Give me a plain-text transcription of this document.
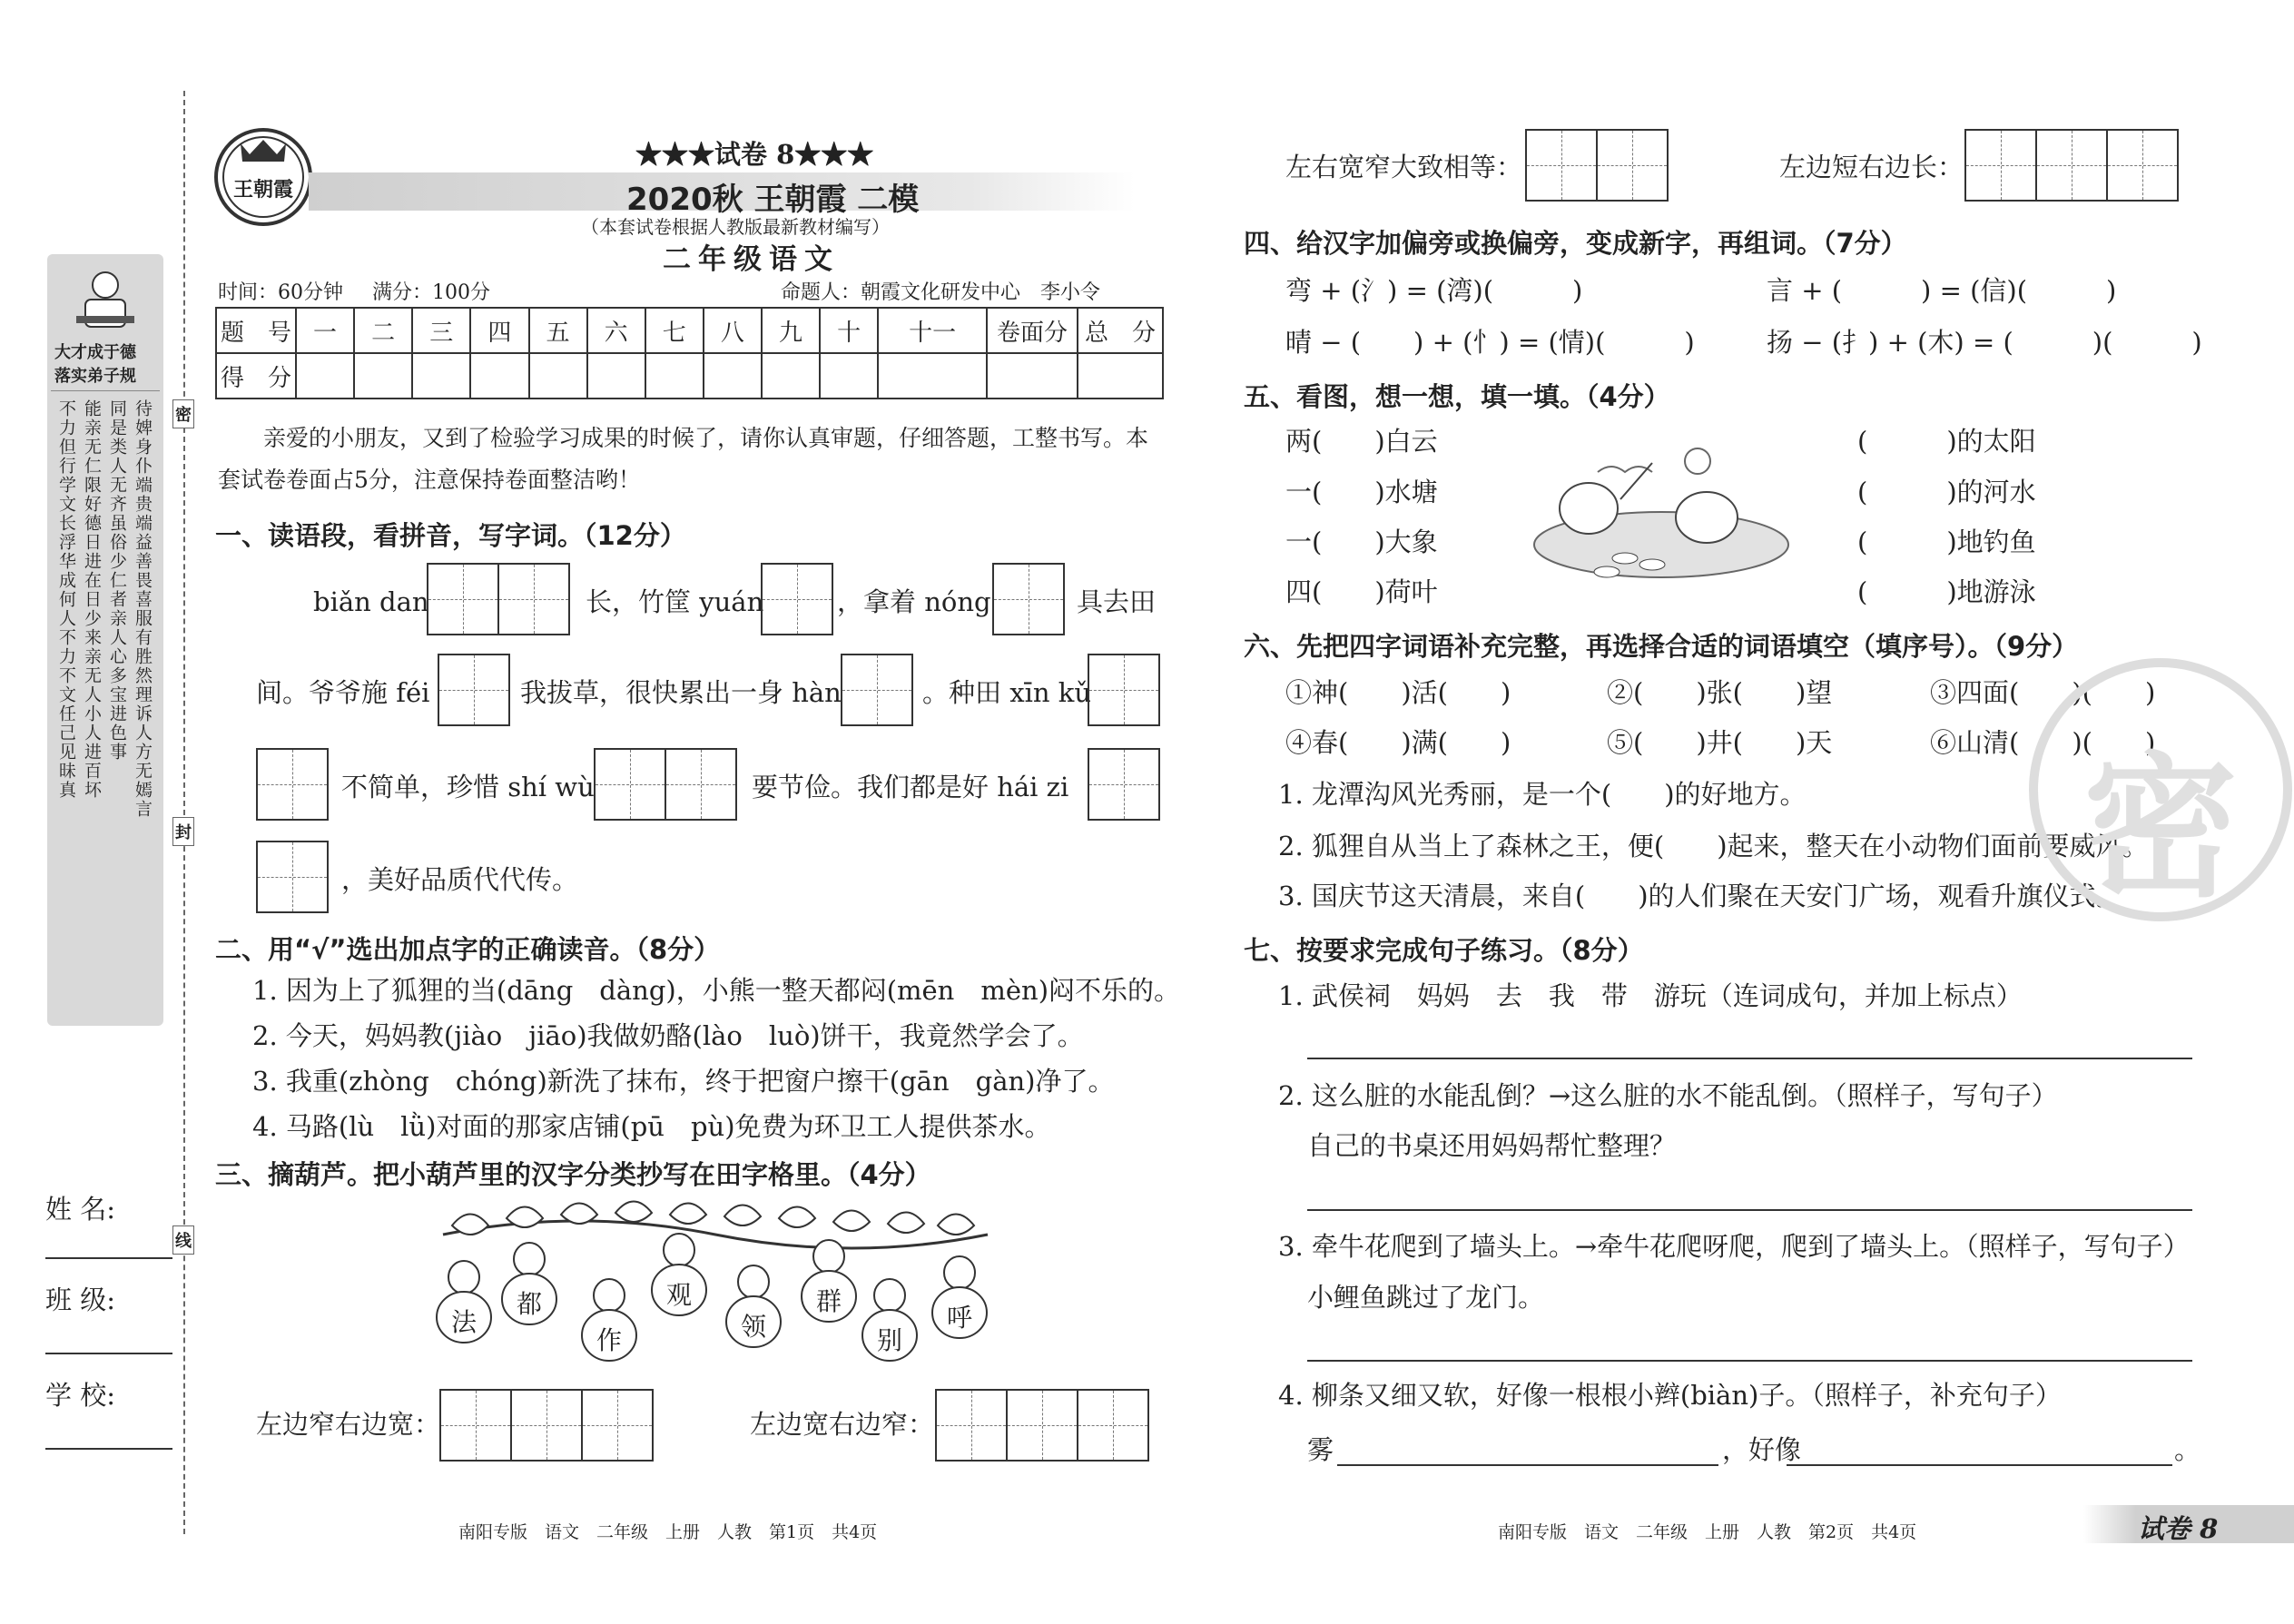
大才成于德
落实弟子规
不力但行学文长浮华成何人不力不文任己见昧真 能亲无仁限好德日进在日少来亲无人小人进百坏 同是类人无齐虽俗少仁者亲人心多宝进色事 待婢身仆端贵端益善畏喜服有胜然理诉人方无嫣言 密
封
线
姓 名:
班 级:
学 校:
王朝霞
★★★试卷 8★★★
2020秋 王朝霞 二模
（本套试卷根据人教版最新教材编写）
二年级语文
时间：60分钟 满分：100分	命题人：朝霞文化研发中心　李小令
题　号	一	二	三	四	五	六	七	八	九	十	十一	卷面分	总　分
得　分													
亲爱的小朋友，又到了检验学习成果的时候了，请你认真审题，仔细答题，工整书写。本套试卷卷面占5分，注意保持卷面整洁哟！
一、读语段，看拼音，写字词。（12分）
biǎn dan	长，竹筐 yuán	，拿着 nóng	具去田
间。爷爷施 féi	我拔草，很快累出一身 hàn	。种田 xīn kǔ
不简单，珍惜 shí wù	要节俭。我们都是好 hái zi
，美好品质代代传。
二、用“√”选出加点字的正确读音。（8分）
1. 因为上了狐狸的当(dāng　dàng)，小熊一整天都闷(mēn　mèn)闷不乐的。
2. 今天，妈妈教(jiào　jiāo)我做奶酪(lào　luò)饼干，我竟然学会了。
3. 我重(zhòng　chóng)新洗了抹布，终于把窗户擦干(gān　gàn)净了。
4. 马路(lù　lǜ)对面的那家店铺(pū　pù)免费为环卫工人提供茶水。
三、摘葫芦。把小葫芦里的汉字分类抄写在田字格里。（4分）
法
都
作
观
领
群
别
呼
左边窄右边宽：	左边宽右边窄：
南阳专版　语文　二年级　上册　人教　第1页　共4页
左右宽窄大致相等：	左边短右边长：
四、给汉字加偏旁或换偏旁，变成新字，再组词。（7分）
弯 + (氵) = (湾)(　　　)	言 + (　　　) = (信)(　　　)
晴 − (　　) + (忄) = (情)(　　　)	扬 − (扌) + (木) = (　　　)(　　　)
五、看图，想一想，填一填。（4分）
两(　　)白云
一(　　)水塘
一(　　)大象
四(　　)荷叶
(　　　)的太阳
(　　　)的河水
(　　　)地钓鱼
(　　　)地游泳
六、先把四字词语补充完整，再选择合适的词语填空（填序号）。（9分）
①神(　　)活(　　)	②(　　)张(　　)望	③四面(　　)(　　)
④春(　　)满(　　)	⑤(　　)井(　　)天	⑥山清(　　)(　　)
1. 龙潭沟风光秀丽，是一个(　　)的好地方。
2. 狐狸自从当上了森林之王，便(　　)起来，整天在小动物们面前要威风。
3. 国庆节这天清晨，来自(　　)的人们聚在天安门广场，观看升旗仪式。
七、按要求完成句子练习。（8分）
1. 武侯祠　妈妈　去　我　带　游玩（连词成句，并加上标点）
2. 这么脏的水能乱倒？→这么脏的水不能乱倒。（照样子，写句子）
自己的书桌还用妈妈帮忙整理？
3. 牵牛花爬到了墙头上。→牵牛花爬呀爬，爬到了墙头上。（照样子，写句子）
小鲤鱼跳过了龙门。
4. 柳条又细又软，好像一根根小辫(biàn)子。（照样子，补充句子）
雾	，好像	。
南阳专版　语文　二年级　上册　人教　第2页　共4页	试卷 8
密
